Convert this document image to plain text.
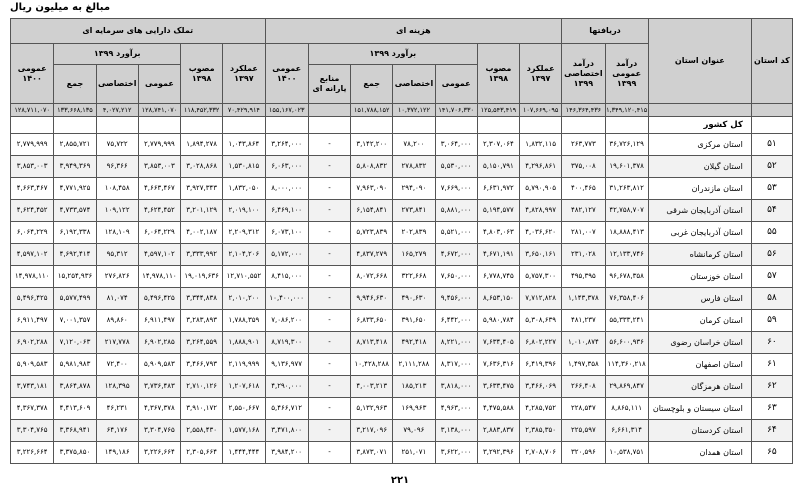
مبالغ به میلیون ریال
کد استان	عنوان استان	دریافتها		هزینه ای							تملک دارایی های سرمایه ای					
		درآمد عمومی ۱۳۹۹	درآمد اختصاصی ۱۳۹۹	عملکرد ۱۳۹۷	مصوب ۱۳۹۸	برآورد ۱۳۹۹				عمومی ۱۴۰۰	عملکرد ۱۳۹۷	مصوب ۱۳۹۸	برآورد ۱۳۹۹			عمومی ۱۴۰۰
						عمومی	اختصاصی	جمع	منابع یارانه ای				عمومی	اختصاصی	جمع	
		۱,۳۴۹,۱۲۰,۴۱۵	۱۴۶,۳۶۴,۴۳۶	۱۰۷,۶۶۹,۰۹۵	۱۲۵,۵۴۳,۴۱۹	۱۴۱,۷۰۶,۳۳۰	۱۰,۳۷۲,۱۲۲	۱۵۱,۷۸۸,۱۵۲		۱۵۵,۱۶۷,۰۲۳	۷۰,۴۲۹,۹۱۴	۱۱۸,۴۵۲,۳۳۲	۱۲۸,۷۴۱,۰۷۰	۴,۰۲۷,۲۱۲	۱۳۳,۶۶۸,۱۳۵	۱۲۸,۷۱۱,۰۷۰
	کل کشور															
۵۱	استان مرکزی	۳۶,۷۲۶,۱۲۹	۲۶۳,۷۷۳	۱,۸۳۲,۱۱۵	۲,۳۰۷,۰۶۴	۳,۰۶۴,۰۰۰	۷۸,۲۰۰	۳,۱۴۲,۲۰۰	-	۳,۲۶۴,۰۰۰	۱,۰۴۳,۸۶۴	۱,۸۹۴,۲۷۸	۲,۷۷۹,۹۹۹	۷۵,۷۲۲	۲,۸۵۵,۷۲۱	۲,۷۷۹,۹۹۹
۵۲	استان گیلان	۱۹,۶۰۱,۳۷۸	۳۷۵,۰۰۸	۴,۲۹۶,۸۶۱	۵,۱۵۰,۷۹۱	۵,۵۳۰,۰۰۰	۲۷۸,۸۳۲	۵,۸۰۸,۸۳۲	-	۶,۰۶۳,۰۰۰	۱,۵۳۰,۸۱۵	۳,۰۲۸,۸۶۸	۳,۸۵۳,۰۰۳	۹۶,۳۶۶	۳,۹۴۹,۳۶۹	۳,۸۵۳,۰۰۳
۵۳	استان مازندران	۳۱,۲۶۳,۸۱۲	۴۰۰,۴۶۵	۵,۷۹۰,۹۰۵	۶,۶۳۱,۹۷۲	۷,۶۶۹,۰۰۰	۲۹۴,۰۹۰	۷,۹۶۳,۰۹۰	-	۸,۰۰۰,۰۰۰	۱,۸۳۲,۰۵۰	۳,۹۲۷,۳۴۳	۴,۶۶۳,۴۶۷	۱۰۸,۴۵۸	۴,۷۷۱,۹۲۵	۴,۶۶۳,۴۶۷
۵۴	استان آذربایجان شرقی	۴۲,۷۵۸,۷۰۷	۴۸۲,۱۲۷	۴,۸۲۸,۹۹۷	۵,۱۹۴,۵۷۷	۵,۸۸۱,۰۰۰	۲۷۳,۸۴۱	۶,۱۵۴,۸۴۱	-	۶,۴۶۹,۱۰۰	۲,۰۱۹,۱۰۰	۳,۲۰۱,۱۲۹	۴,۶۲۴,۴۵۲	۱۰۹,۱۲۲	۴,۷۳۳,۵۷۴	۴,۶۲۴,۴۵۲
۵۵	استان آذربایجان غربی	۱۸,۸۸۸,۴۱۳	۲۸۱,۰۰۷	۴,۰۳۶,۶۲۰	۴,۸۰۳,۰۶۳	۵,۵۲۱,۰۰۰	۲۰۲,۸۳۹	۵,۷۲۳,۸۳۹	-	۶,۰۷۳,۱۰۰	۲,۲۰۹,۳۱۲	۴,۰۰۲,۱۸۷	۶,۰۶۴,۲۲۹	۱۲۸,۱۰۹	۶,۱۹۲,۳۳۸	۶,۰۶۴,۲۲۹
۵۶	استان کرمانشاه	۱۲,۱۳۳,۷۴۶	۲۳۱,۰۲۸	۳,۶۵۰,۱۶۱	۴,۶۷۱,۱۹۱	۴,۶۷۲,۰۰۰	۱۶۵,۲۷۹	۴,۸۳۷,۲۷۹	-	۵,۱۷۲,۰۰۰	۲,۱۰۴,۲۰۶	۳,۳۳۳,۹۹۲	۴,۵۹۷,۱۰۲	۹۵,۳۱۲	۴,۶۹۲,۴۱۴	۴,۵۹۷,۱۰۲
۵۷	استان خوزستان	۹۶,۶۷۸,۳۵۸	۴۹۵,۳۹۵	۵,۷۵۷,۳۰۰	۶,۷۷۸,۷۴۵	۷,۶۵۰,۰۰۰	۳۲۲,۶۶۸	۸,۰۷۲,۶۶۸	-	۸,۴۱۵,۰۰۰	۱۲,۷۱۰,۵۵۲	۱۹,۰۱۹,۶۳۶	۱۴,۹۷۸,۱۱۰	۲۷۶,۸۲۶	۱۵,۲۵۴,۹۳۶	۱۴,۹۷۸,۱۱۰
۵۸	استان فارس	۷۶,۳۵۸,۴۰۶	۱,۱۴۳,۳۷۸	۷,۷۱۲,۸۲۸	۸,۶۵۳,۱۵۰	۹,۴۵۶,۰۰۰	۴۹۰,۶۳۰	۹,۹۴۶,۶۳۰	-	۱۰,۴۰۰,۰۰۰	۲,۰۱۰,۲۰۰	۳,۳۴۴,۸۳۸	۵,۴۹۶,۴۲۵	۸۱,۰۷۴	۵,۵۷۷,۴۹۹	۵,۴۹۶,۴۲۵
۵۹	استان کرمان	۵۵,۳۳۳,۲۴۱	۴۸۱,۲۳۷	۵,۳۰۸,۶۳۹	۵,۹۸۰,۷۸۴	۶,۴۴۲,۰۰۰	۳۹۱,۶۵۰	۶,۸۳۳,۶۵۰	-	۷,۰۸۶,۲۰۰	۱,۷۸۸,۳۵۹	۳,۲۸۳,۸۹۳	۶,۹۱۱,۴۹۷	۸۹,۸۶۰	۷,۰۰۱,۳۵۷	۶,۹۱۱,۴۹۷
۶۰	استان خراسان رضوی	۵۶,۶۰۰,۹۳۶	۱,۰۱۰,۸۷۴	۶,۸۰۲,۲۲۷	۷,۶۳۴,۴۰۵	۸,۲۲۱,۰۰۰	۴۹۲,۴۱۸	۸,۷۱۳,۴۱۸	-	۸,۷۱۹,۳۰۰	۱,۸۸۸,۹۰۱	۳,۲۶۴,۵۵۹	۶,۹۰۲,۲۸۵	۲۱۷,۷۷۸	۷,۱۲۰,۰۶۳	۶,۹۰۲,۲۸۸
۶۱	استان اصفهان	۱۱۴,۳۶۰,۲۱۸	۱,۴۹۷,۳۵۸	۶,۴۱۹,۳۹۶	۷,۶۳۶,۳۱۶	۸,۳۱۷,۰۰۰	۲,۱۱۱,۲۸۸	۱۰,۴۲۸,۲۸۸	-	۹,۱۳۶,۹۷۷	۲,۱۱۹,۹۹۹	۳,۴۶۶,۷۹۳	۵,۹۰۹,۵۸۳	۷۲,۴۰۰	۵,۹۸۱,۹۸۳	۵,۹۰۹,۵۸۳
۶۲	استان هرمزگان	۲۹,۸۶۹,۸۴۷	۲۶۶,۴۰۸	۳,۴۶۶,۰۶۹	۳,۶۳۳,۴۷۵	۳,۸۱۸,۰۰۰	۱۸۵,۲۱۳	۴,۰۰۳,۲۱۳	-	۴,۲۹۰,۰۰۰	۱,۲۰۷,۶۱۸	۲,۷۱۰,۱۲۶	۳,۷۳۶,۴۸۳	۱۲۸,۳۹۵	۳,۸۶۴,۸۷۸	۳,۷۴۳,۱۸۱
۶۳	استان سیستان و بلوچستان	۸,۸۶۵,۱۱۱	۲۲۸,۵۴۷	۴,۲۸۵,۷۵۲	۴,۴۷۵,۵۸۸	۴,۹۶۳,۰۰۰	۱۶۹,۹۶۳	۵,۱۳۲,۹۶۳	-	۵,۴۶۶,۷۱۲	۲,۵۵۰,۶۶۷	۳,۹۱۰,۱۷۲	۴,۳۶۷,۳۷۸	۴۶,۲۳۱	۴,۴۱۳,۶۰۹	۴,۳۶۷,۳۷۸
۶۴	استان کردستان	۶,۶۶۱,۳۱۴	۲۲۵,۵۹۷	۲,۳۸۵,۳۵۰	۲,۸۸۳,۸۳۷	۳,۱۳۸,۰۰۰	۷۹,۰۹۶	۳,۲۱۷,۰۹۶	-	۳,۴۷۱,۸۰۰	۱,۵۷۷,۱۶۸	۲,۵۵۸,۴۳۰	۳,۳۰۴,۷۶۵	۶۴,۱۷۶	۳,۳۶۸,۹۴۱	۳,۳۰۴,۷۶۵
۶۵	استان همدان	۱۰,۵۳۸,۷۵۱	۳۲۰,۵۹۶	۲,۷۰۸,۷۰۶	۳,۲۹۲,۳۹۶	۳,۶۲۲,۰۰۰	۲۵۱,۰۷۱	۳,۸۷۳,۰۷۱	-	۳,۹۸۴,۲۰۰	۱,۴۴۴,۴۴۴	۲,۳۰۵,۶۶۴	۳,۲۲۶,۶۶۴	۱۴۹,۱۸۶	۳,۳۷۵,۸۵۰	۳,۲۲۶,۶۶۴
۲۲۱
